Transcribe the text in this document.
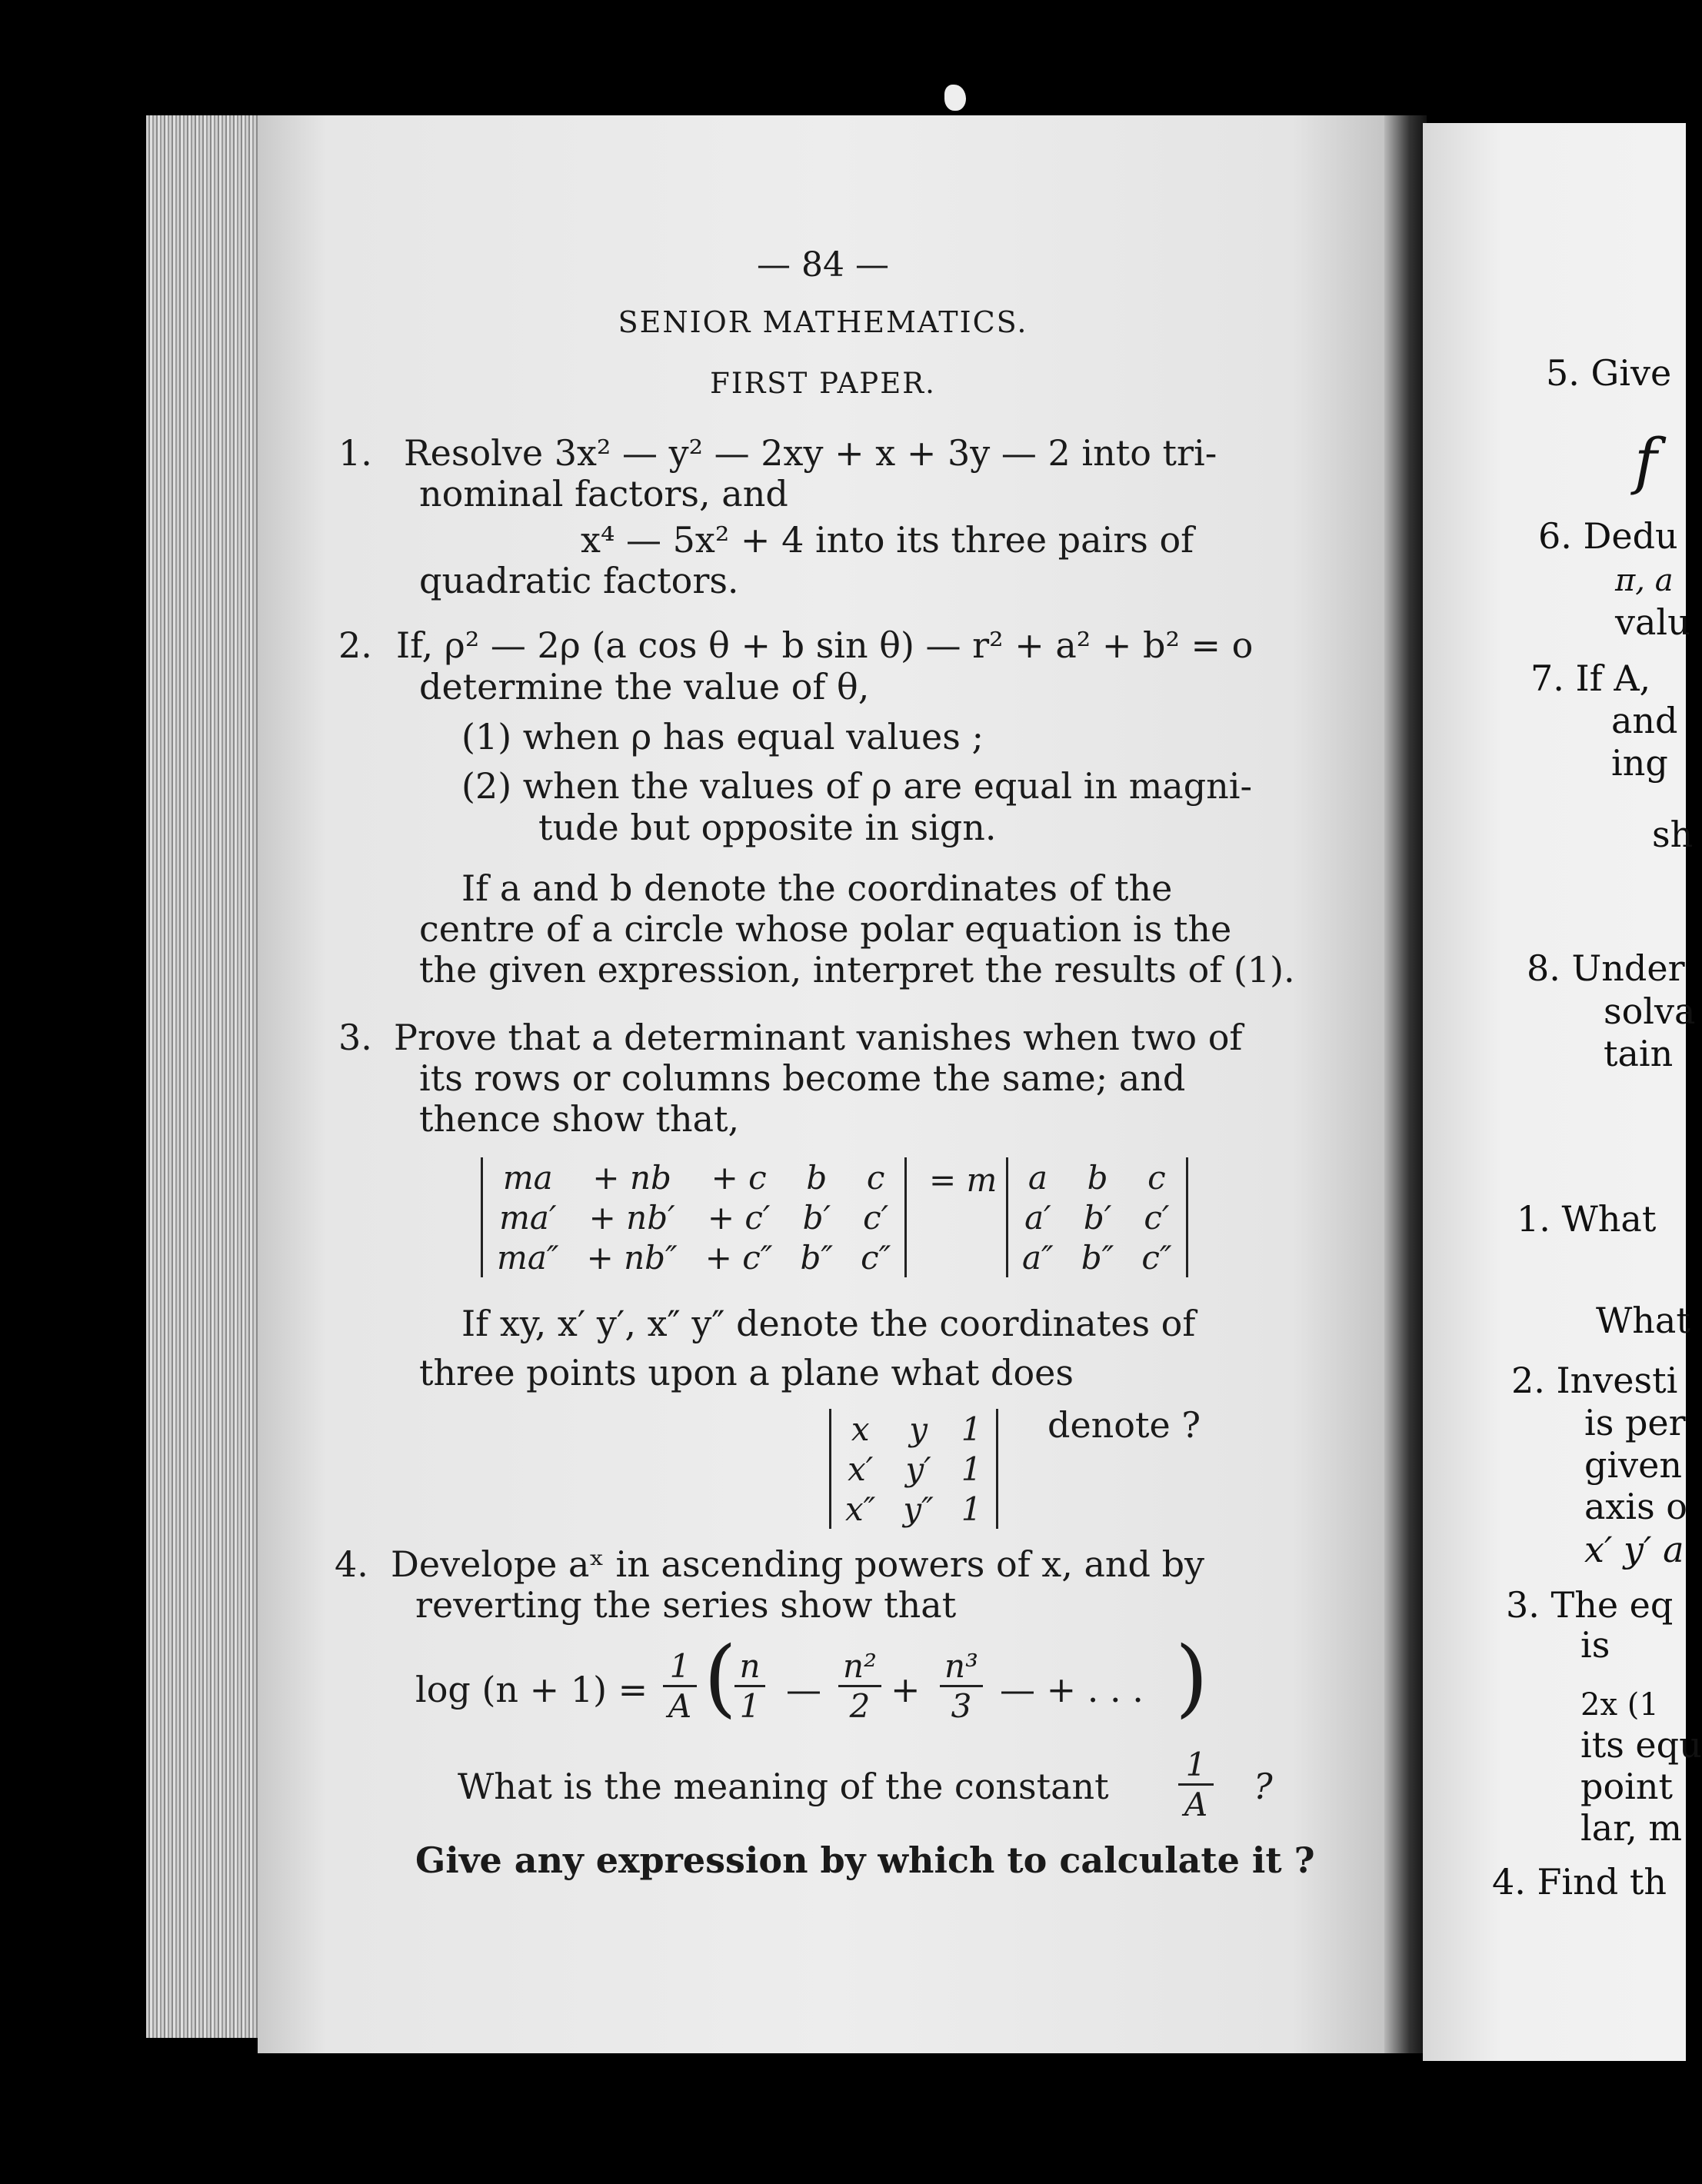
— 84 —
SENIOR MATHEMATICS.
FIRST PAPER.
1. Resolve 3x² — y² — 2xy + x + 3y — 2 into tri-
nominal factors, and
x⁴ — 5x² + 4 into its three pairs of
quadratic factors.
2. If, ρ² — 2ρ (a cos θ + b sin θ) — r² + a² + b² = o
determine the value of θ,
(1) when ρ has equal values ;
(2) when the values of ρ are equal in magni-
tude but opposite in sign.
If a and b denote the coordinates of the
centre of a circle whose polar equation is the
the given expression, interpret the results of (1).
3. Prove that a determinant vanishes when two of
its rows or columns become the same; and
thence show that,
ma	+ nb	+ c	b	c
ma′	+ nb′	+ c′	b′	c′
ma″	+ nb″	+ c″	b″	c″
= m a	b	c
a′	b′	c′
a″	b″	c″
If xy, x′ y′, x″ y″ denote the coordinates of
three points upon a plane what does
x	y	1
x′	y′	1
x″	y″	1
denote ?
4. Develope aˣ in ascending powers of x, and by
reverting the series show that
$\log (n + 1) = \frac{1}{A}$ (
$\frac{n}{1}$ — $\frac{\text{n²}}{2} + \frac{\text{n³}}{3}$ — + . . . )
What is the meaning of the constant $\frac{1}{A}$ ?
Give any expression by which to calculate it ?
5. Give
f
6. Dedu
π, a
valu
7. If A,
and
ing
sh
8. Under
solva
tain
1. What
What
2. Investi
is per
given
axis o
x′ y′ a
3. The eq
is
2x (1
its equ
point
lar, m
4. Find th
